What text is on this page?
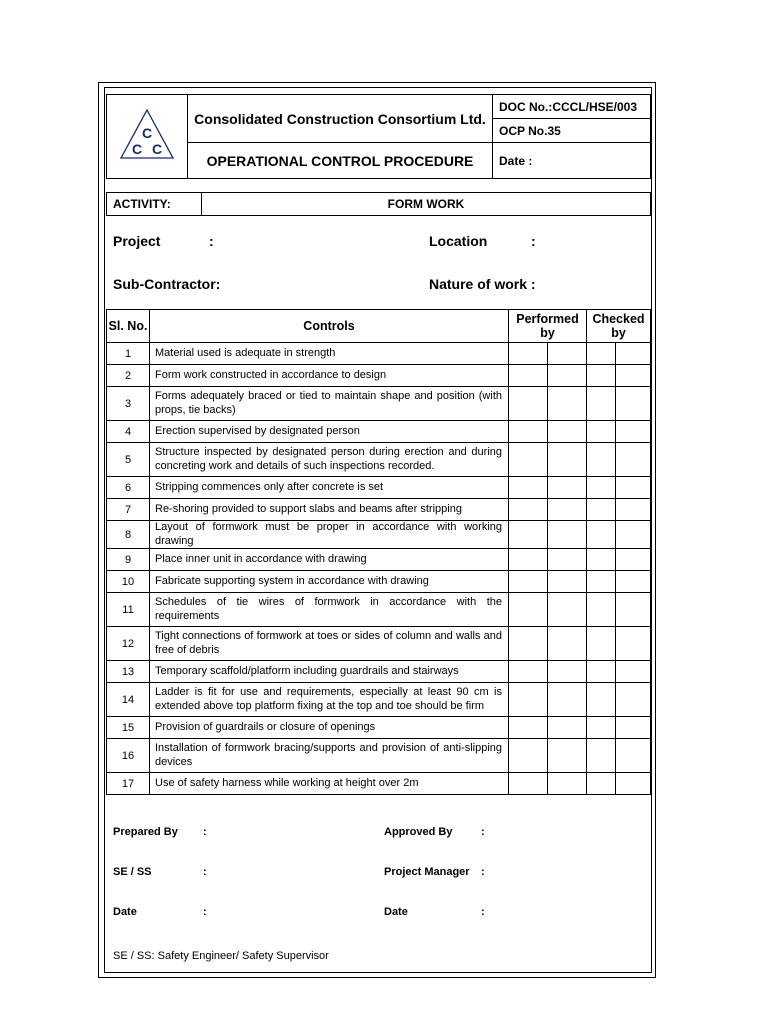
C
C C	Consolidated Construction Consortium Ltd.	DOC No.:CCCL/HSE/003
		OCP No.35
	OPERATIONAL CONTROL PROCEDURE	Date :
ACTIVITY:	FORM WORK
Project	:	Location	:
Sub-Contractor:	Nature of work :
Sl. No.	Controls	Performed by		Checked by	
1	Material used is adequate in strength				
2	Form work constructed in accordance to design				
3	Forms adequately braced or tied to maintain shape and position (with props, tie backs)				
4	Erection supervised by designated person				
5	Structure inspected by designated person during erection and during concreting work and details of such inspections recorded.				
6	Stripping commences only after concrete is set				
7	Re-shoring provided to support slabs and beams after stripping				
8	Layout of formwork must be proper in accordance with working drawing				
9	Place inner unit in accordance with drawing				
10	Fabricate supporting system in accordance with drawing				
11	Schedules of tie wires of formwork in accordance with the requirements				
12	Tight connections of formwork at toes or sides of column and walls and free of debris				
13	Temporary scaffold/platform including guardrails and stairways				
14	Ladder is fit for use and requirements, especially at least 90 cm is extended above top platform fixing at the top and toe should be firm				
15	Provision of guardrails or closure of openings				
16	Installation of formwork bracing/supports and provision of anti-slipping devices				
17	Use of safety harness while working at height over 2m				
Prepared By :	Approved By	:
SE / SS	:	Project Manager :
Date	:	Date	:
SE / SS: Safety Engineer/ Safety Supervisor
